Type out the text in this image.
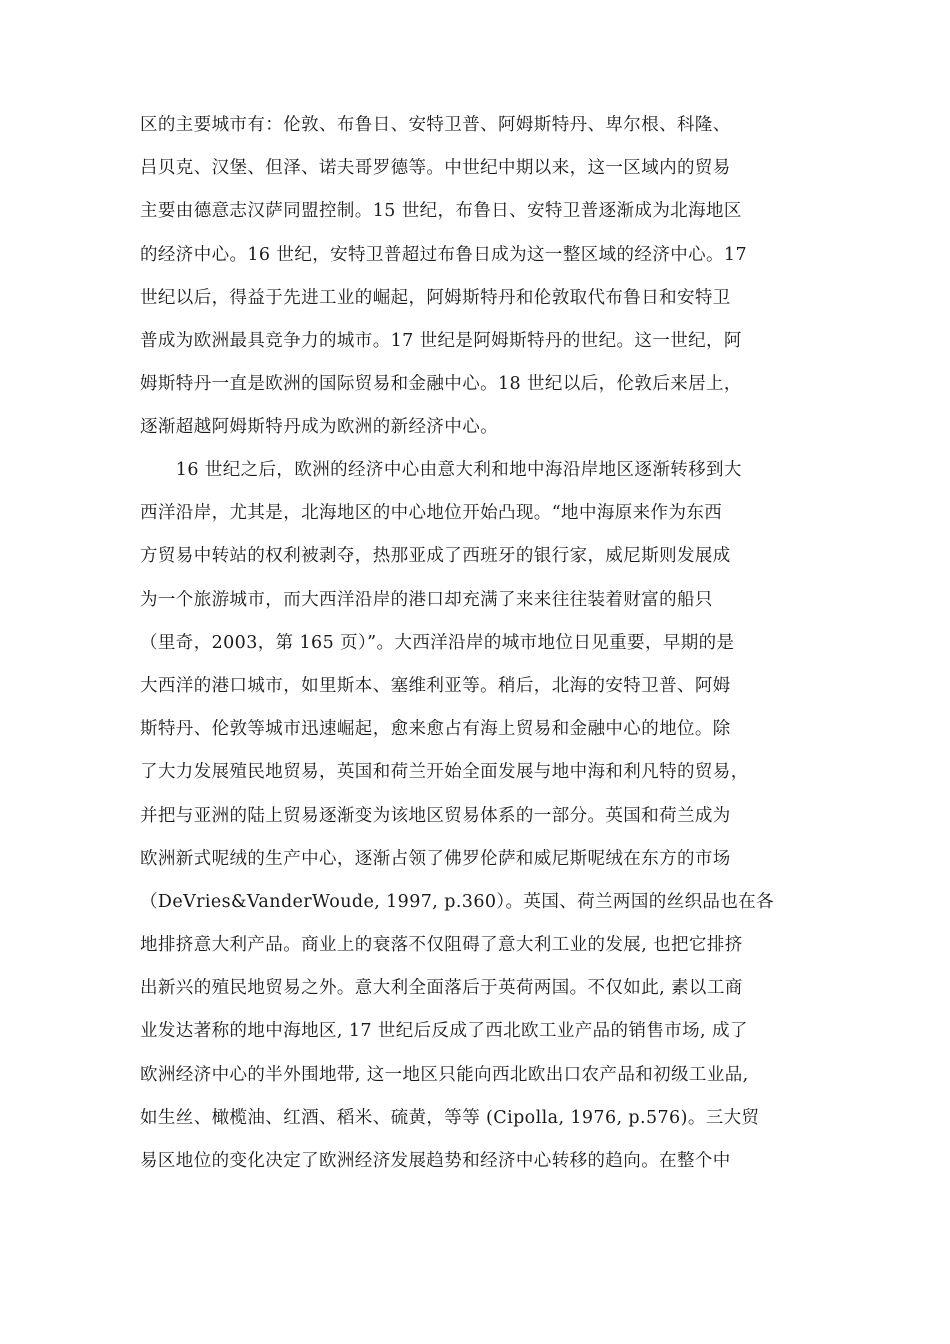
区的主要城市有：伦敦、布鲁日、安特卫普、阿姆斯特丹、卑尔根、科隆、
吕贝克、汉堡、但泽、诺夫哥罗德等。中世纪中期以来，这一区域内的贸易
主要由德意志汉萨同盟控制。15 世纪，布鲁日、安特卫普逐渐成为北海地区
的经济中心。16 世纪，安特卫普超过布鲁日成为这一整区域的经济中心。17
世纪以后，得益于先进工业的崛起，阿姆斯特丹和伦敦取代布鲁日和安特卫
普成为欧洲最具竞争力的城市。17 世纪是阿姆斯特丹的世纪。这一世纪，阿
姆斯特丹一直是欧洲的国际贸易和金融中心。18 世纪以后，伦敦后来居上，
逐渐超越阿姆斯特丹成为欧洲的新经济中心。
　　16 世纪之后，欧洲的经济中心由意大利和地中海沿岸地区逐渐转移到大
西洋沿岸，尤其是，北海地区的中心地位开始凸现。“地中海原来作为东西
方贸易中转站的权利被剥夺，热那亚成了西班牙的银行家，威尼斯则发展成
为一个旅游城市，而大西洋沿岸的港口却充满了来来往往装着财富的船只
（里奇，2003，第 165 页）”。大西洋沿岸的城市地位日见重要，早期的是
大西洋的港口城市，如里斯本、塞维利亚等。稍后，北海的安特卫普、阿姆
斯特丹、伦敦等城市迅速崛起，愈来愈占有海上贸易和金融中心的地位。除
了大力发展殖民地贸易，英国和荷兰开始全面发展与地中海和利凡特的贸易，
并把与亚洲的陆上贸易逐渐变为该地区贸易体系的一部分。英国和荷兰成为
欧洲新式呢绒的生产中心，逐渐占领了佛罗伦萨和威尼斯呢绒在东方的市场
（DeVries&VanderWoude, 1997, p.360）。英国、荷兰两国的丝织品也在各
地排挤意大利产品。商业上的衰落不仅阻碍了意大利工业的发展, 也把它排挤
出新兴的殖民地贸易之外。意大利全面落后于英荷两国。不仅如此, 素以工商
业发达著称的地中海地区, 17 世纪后反成了西北欧工业产品的销售市场, 成了
欧洲经济中心的半外围地带, 这一地区只能向西北欧出口农产品和初级工业品,
如生丝、橄榄油、红酒、稻米、硫黄，等等 (Cipolla, 1976, p.576)。三大贸
易区地位的变化决定了欧洲经济发展趋势和经济中心转移的趋向。在整个中
